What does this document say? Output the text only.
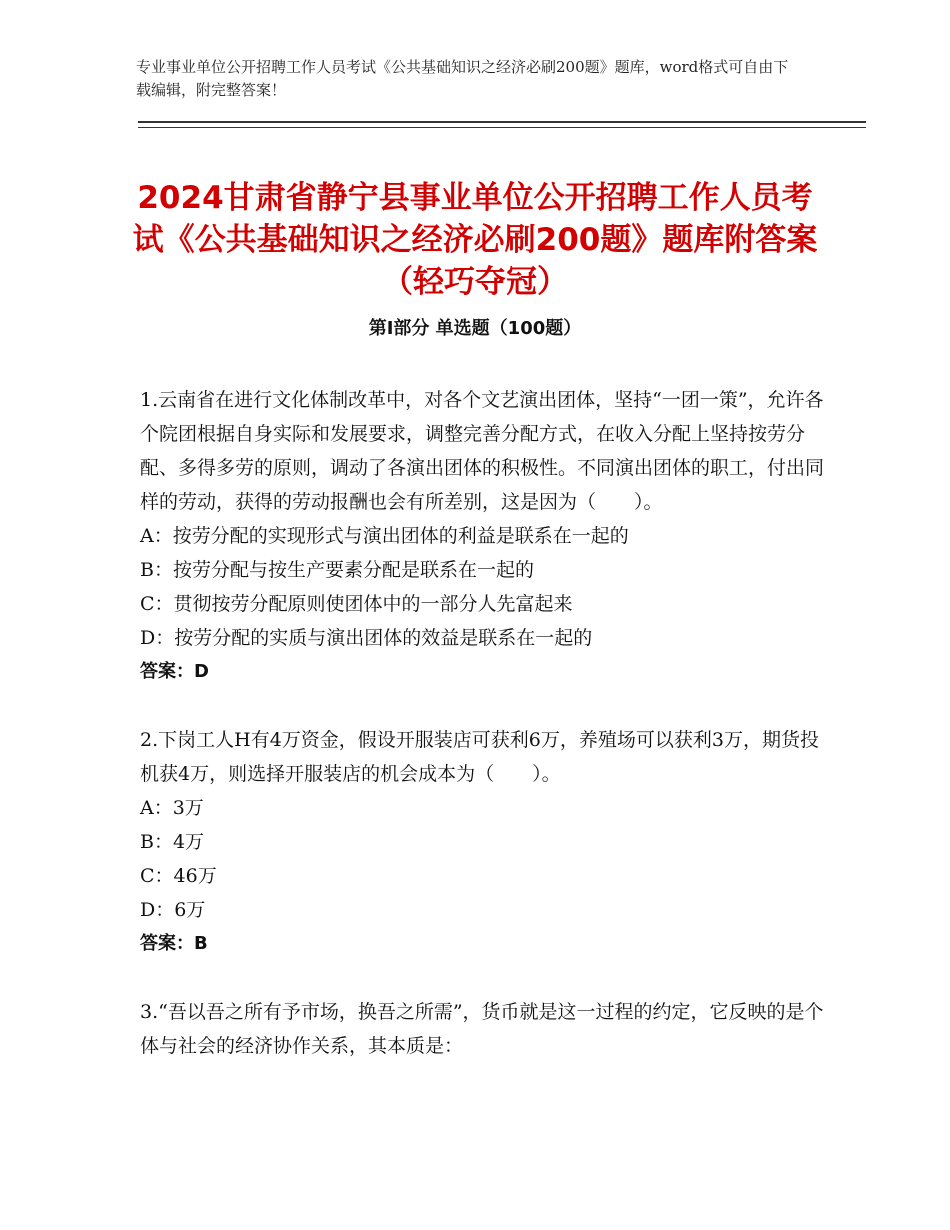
专业事业单位公开招聘工作人员考试《公共基础知识之经济必刷200题》题库，word格式可自由下载编辑，附完整答案！
2024甘肃省静宁县事业单位公开招聘工作人员考试《公共基础知识之经济必刷200题》题库附答案（轻巧夺冠）
第Ⅰ部分 单选题（100题）

1.云南省在进行文化体制改革中，对各个文艺演出团体，坚持“一团一策”，允许各个院团根据自身实际和发展要求，调整完善分配方式，在收入分配上坚持按劳分配、多得多劳的原则，调动了各演出团体的积极性。不同演出团体的职工，付出同样的劳动，获得的劳动报酬也会有所差别，这是因为（　　）。

A：按劳分配的实现形式与演出团体的利益是联系在一起的

B：按劳分配与按生产要素分配是联系在一起的

C：贯彻按劳分配原则使团体中的一部分人先富起来

D：按劳分配的实质与演出团体的效益是联系在一起的

答案：D

2.下岗工人H有4万资金，假设开服装店可获利6万，养殖场可以获利3万，期货投机获4万，则选择开服装店的机会成本为（　　）。

A：3万

B：4万

C：46万

D：6万

答案：B

3.“吾以吾之所有予市场，换吾之所需”，货币就是这一过程的约定，它反映的是个体与社会的经济协作关系，其本质是：
